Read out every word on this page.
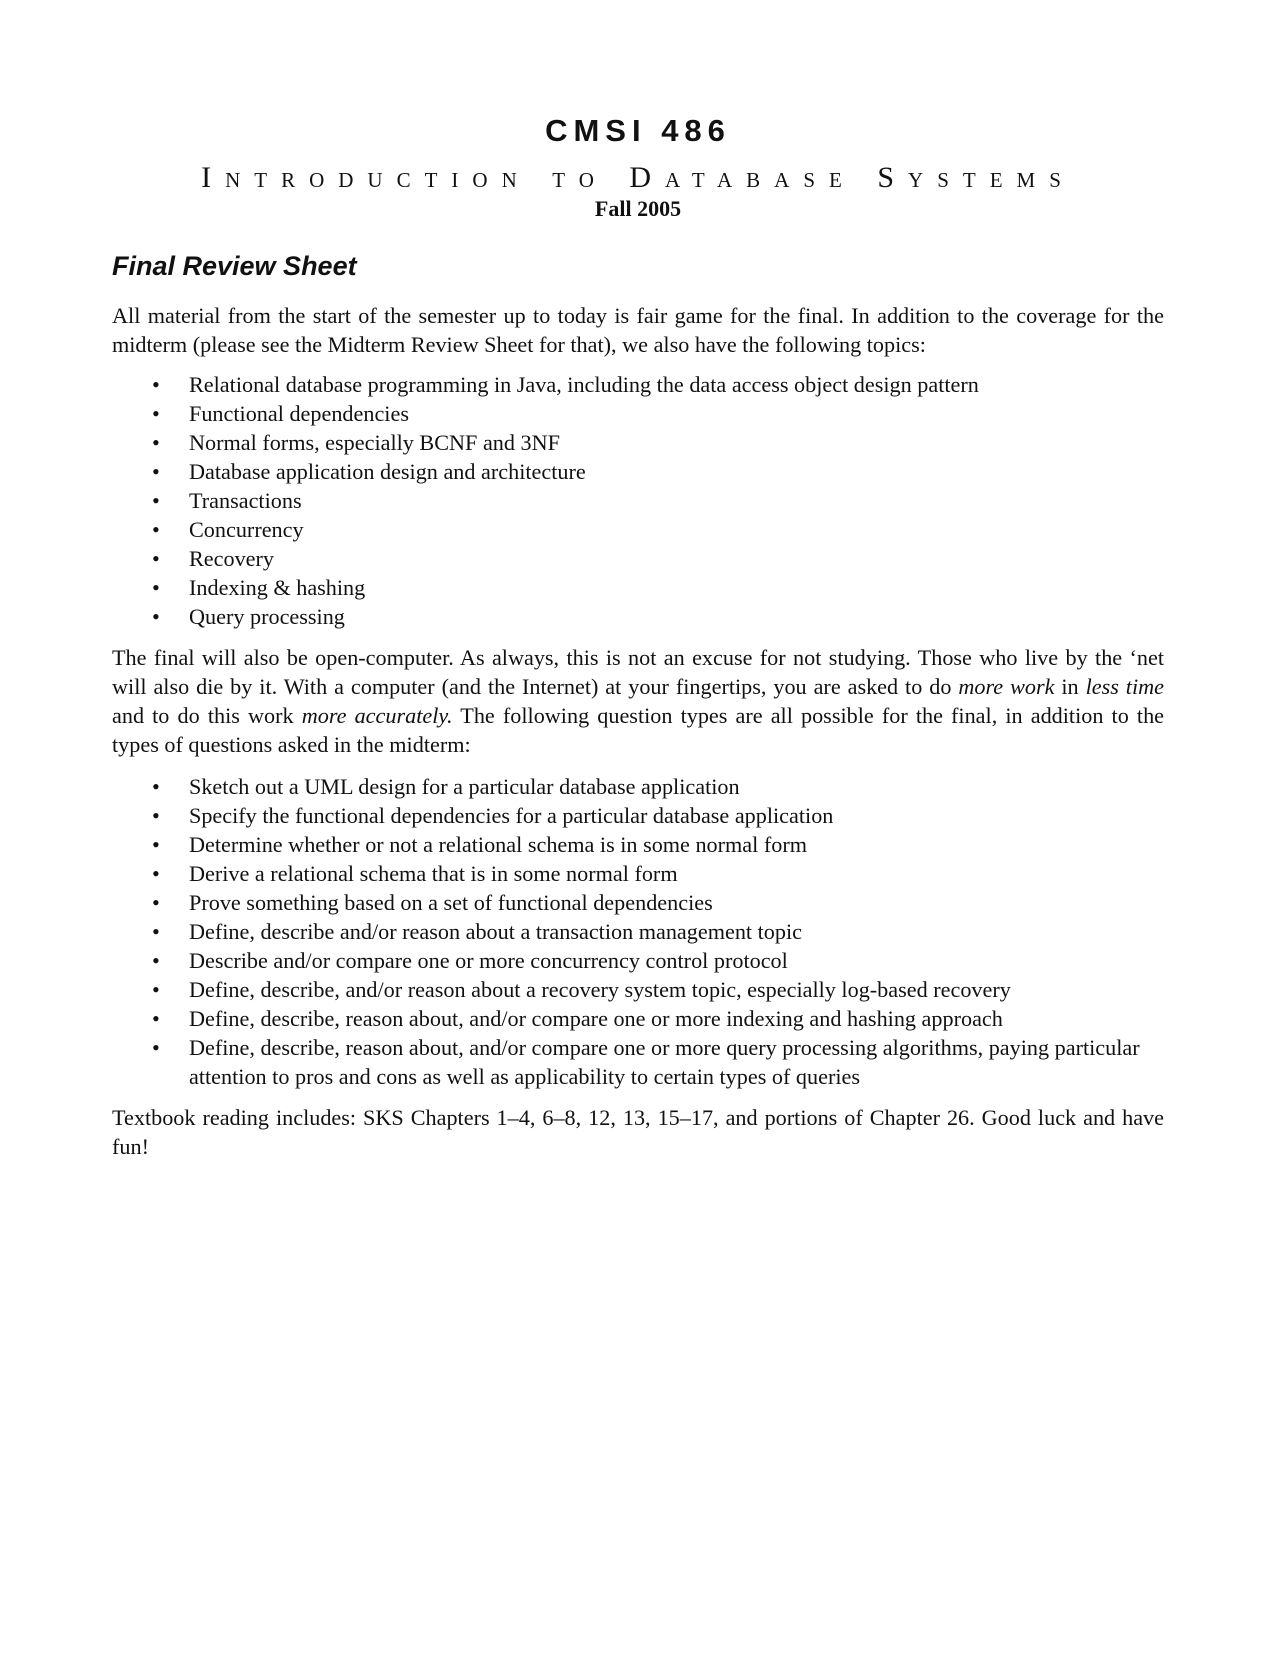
CMSI 486
Introduction to Database Systems
Fall 2005
Final Review Sheet

All material from the start of the semester up to today is fair game for the final. In addition to the coverage for the midterm (please see the Midterm Review Sheet for that), we also have the following topics:

• Relational database programming in Java, including the data access object design pattern
• Functional dependencies
• Normal forms, especially BCNF and 3NF
• Database application design and architecture
• Transactions
• Concurrency
• Recovery
• Indexing & hashing
• Query processing

The final will also be open-computer. As always, this is not an excuse for not studying. Those who live by the ‘net will also die by it. With a computer (and the Internet) at your fingertips, you are asked to do more work in less time and to do this work more accurately. The following question types are all possible for the final, in addition to the types of questions asked in the midterm:

• Sketch out a UML design for a particular database application
• Specify the functional dependencies for a particular database application
• Determine whether or not a relational schema is in some normal form
• Derive a relational schema that is in some normal form
• Prove something based on a set of functional dependencies
• Define, describe and/or reason about a transaction management topic
• Describe and/or compare one or more concurrency control protocol
• Define, describe, and/or reason about a recovery system topic, especially log-based recovery
• Define, describe, reason about, and/or compare one or more indexing and hashing approach
• Define, describe, reason about, and/or compare one or more query processing algorithms, paying particular attention to pros and cons as well as applicability to certain types of queries

Textbook reading includes: SKS Chapters 1–4, 6–8, 12, 13, 15–17, and portions of Chapter 26. Good luck and have fun!
